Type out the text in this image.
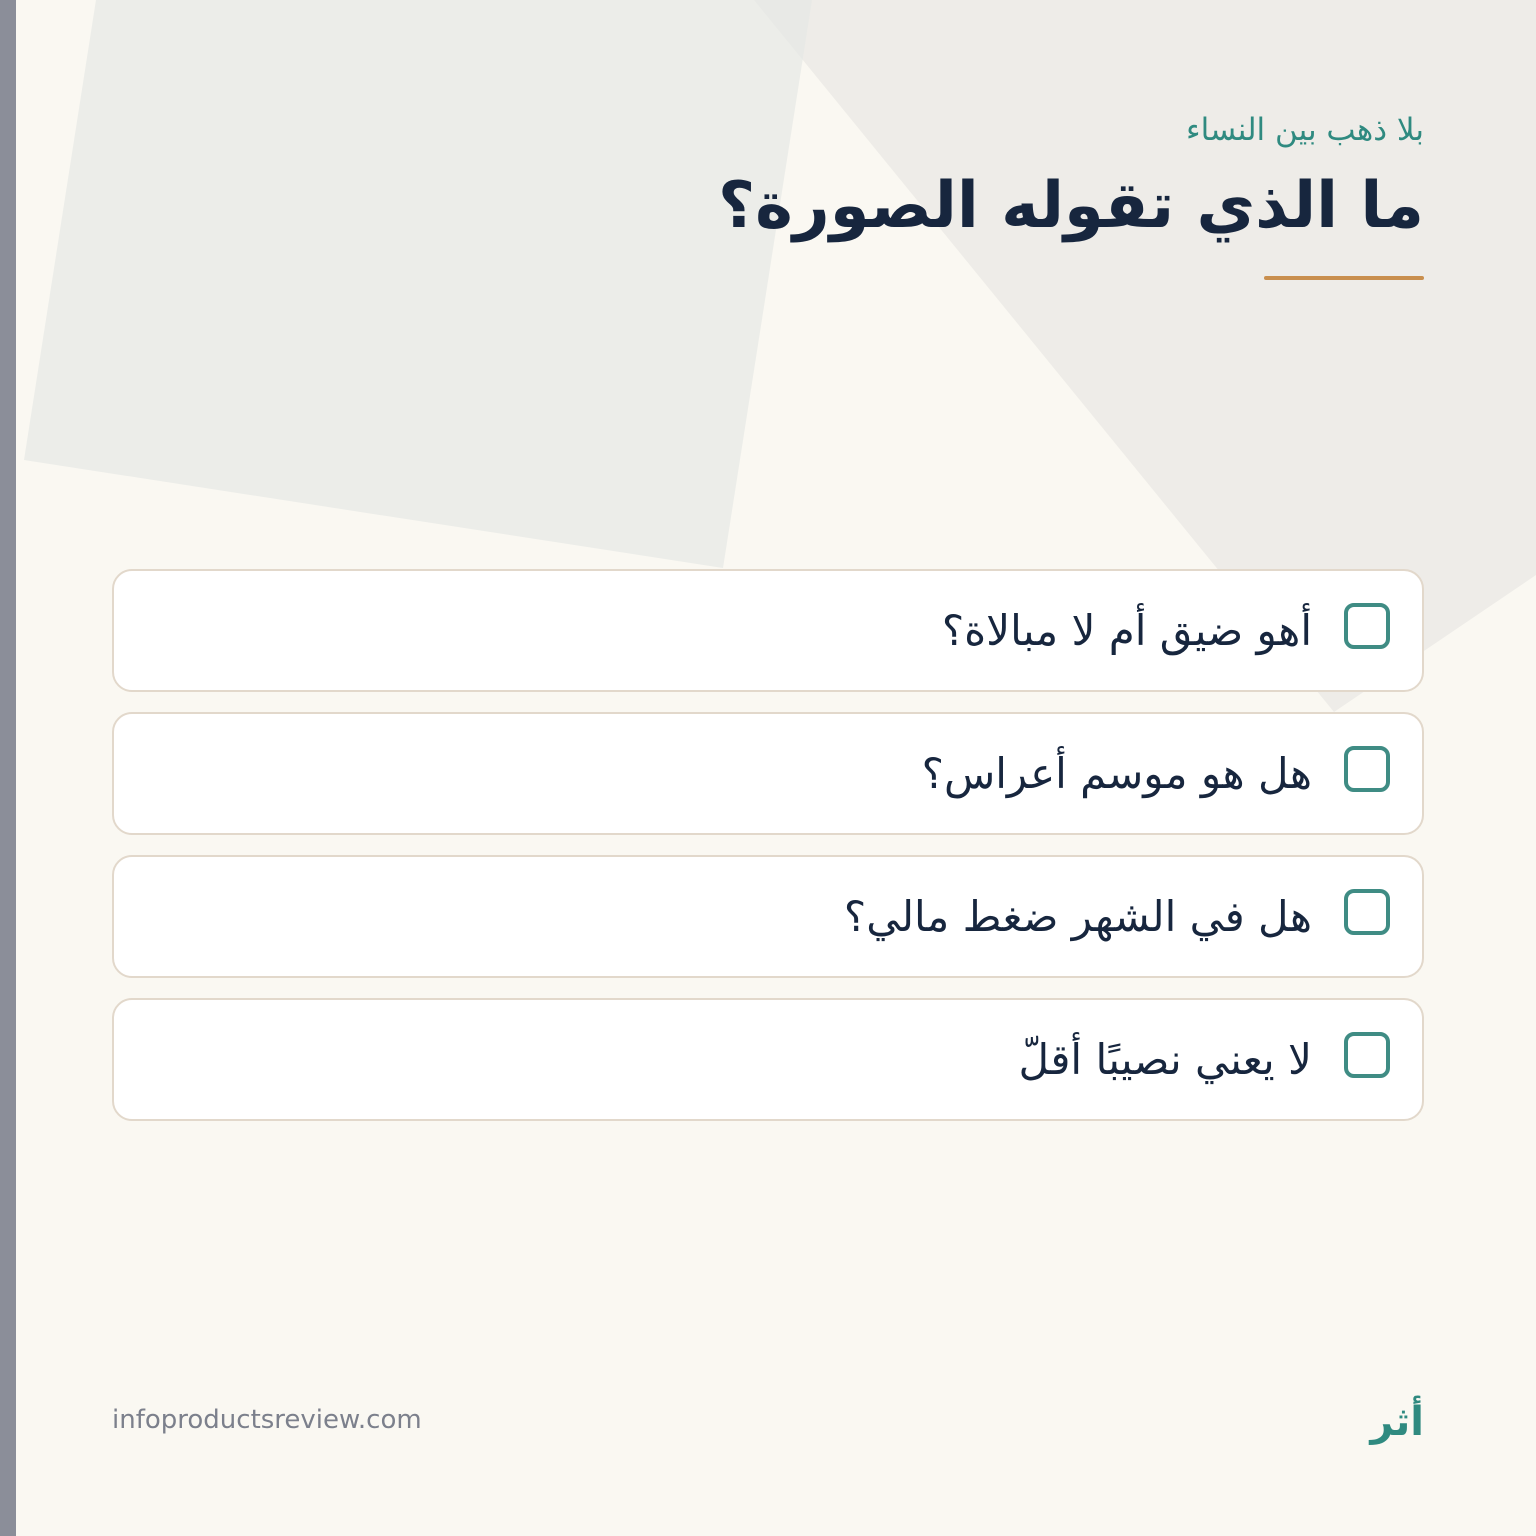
بلا ذهب بين النساء

ما الذي تقوله الصورة؟
أهو ضيق أم لا مبالاة؟
هل هو موسم أعراس؟
هل في الشهر ضغط مالي؟
لا يعني نصيبًا أقلّ
infoproductsreview.com	أثر
